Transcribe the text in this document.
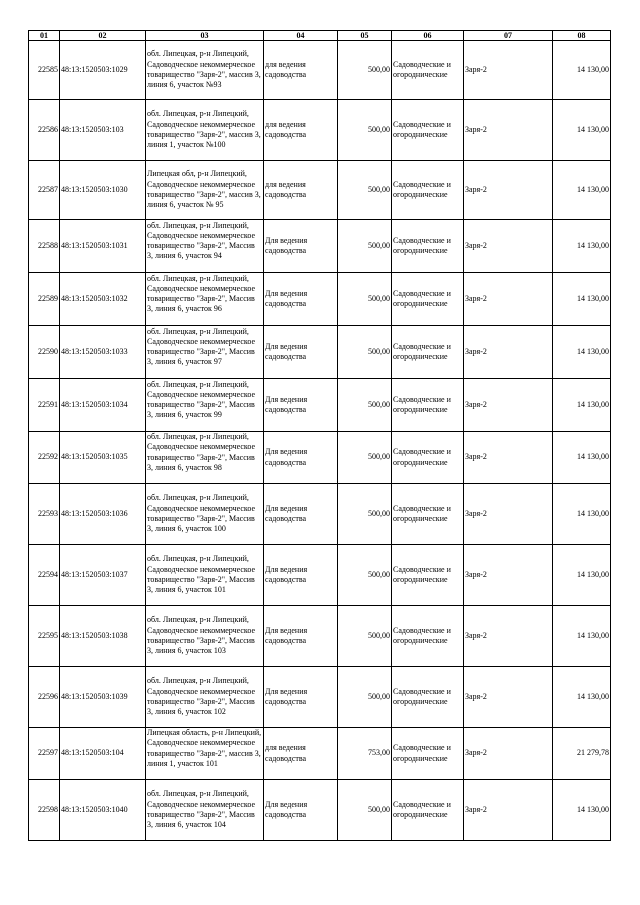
01	02	03	04	05	06	07	08
22585	48:13:1520503:1029	обл. Липецкая, р-н Липецкий, Садоводческое некоммерческое товарищество "Заря-2", массив 3, линия 6, участок №93	для ведения садоводства	500,00	Садоводческие и огороднические	Заря-2	14 130,00
22586	48:13:1520503:103	обл. Липецкая, р-н Липецкий, Садоводческое некоммерческое товарищество "Заря-2", массив 3, линия 1, участок №100	для ведения садоводства	500,00	Садоводческие и огороднические	Заря-2	14 130,00
22587	48:13:1520503:1030	Липецкая обл, р-н Липецкий, Садоводческое некоммерческое товарищество "Заря-2", массив 3, линия 6, участок № 95	для ведения садоводства	500,00	Садоводческие и огороднические	Заря-2	14 130,00
22588	48:13:1520503:1031	обл. Липецкая, р-н Липецкий, Садоводческое некоммерческое товарищество "Заря-2", Массив 3, линия 6, участок 94	Для ведения садоводства	500,00	Садоводческие и огороднические	Заря-2	14 130,00
22589	48:13:1520503:1032	обл. Липецкая, р-н Липецкий, Садоводческое некоммерческое товарищество "Заря-2", Массив 3, линия 6, участок 96	Для ведения садоводства	500,00	Садоводческие и огороднические	Заря-2	14 130,00
22590	48:13:1520503:1033	обл. Липецкая, р-н Липецкий, Садоводческое некоммерческое товарищество "Заря-2", Массив 3, линия 6, участок 97	Для ведения садоводства	500,00	Садоводческие и огороднические	Заря-2	14 130,00
22591	48:13:1520503:1034	обл. Липецкая, р-н Липецкий, Садоводческое некоммерческое товарищество "Заря-2", Массив 3, линия 6, участок 99	Для ведения садоводства	500,00	Садоводческие и огороднические	Заря-2	14 130,00
22592	48:13:1520503:1035	обл. Липецкая, р-н Липецкий, Садоводческое некоммерческое товарищество "Заря-2", Массив 3, линия 6, участок 98	Для ведения садоводства	500,00	Садоводческие и огороднические	Заря-2	14 130,00
22593	48:13:1520503:1036	обл. Липецкая, р-н Липецкий, Садоводческое некоммерческое товарищество "Заря-2", Массив 3, линия 6, участок 100	Для ведения садоводства	500,00	Садоводческие и огороднические	Заря-2	14 130,00
22594	48:13:1520503:1037	обл. Липецкая, р-н Липецкий, Садоводческое некоммерческое товарищество "Заря-2", Массив 3, линия 6, участок 101	Для ведения садоводства	500,00	Садоводческие и огороднические	Заря-2	14 130,00
22595	48:13:1520503:1038	обл. Липецкая, р-н Липецкий, Садоводческое некоммерческое товарищество "Заря-2", Массив 3, линия 6, участок 103	Для ведения садоводства	500,00	Садоводческие и огороднические	Заря-2	14 130,00
22596	48:13:1520503:1039	обл. Липецкая, р-н Липецкий, Садоводческое некоммерческое товарищество "Заря-2", Массив 3, линия 6, участок 102	Для ведения садоводства	500,00	Садоводческие и огороднические	Заря-2	14 130,00
22597	48:13:1520503:104	Липецкая область, р-н Липецкий, Садоводческое некоммерческое товарищество "Заря-2", массив 3, линия 1, участок 101	для ведения садоводства	753,00	Садоводческие и огороднические	Заря-2	21 279,78
22598	48:13:1520503:1040	обл. Липецкая, р-н Липецкий, Садоводческое некоммерческое товарищество "Заря-2", Массив 3, линия 6, участок 104	Для ведения садоводства	500,00	Садоводческие и огороднические	Заря-2	14 130,00
